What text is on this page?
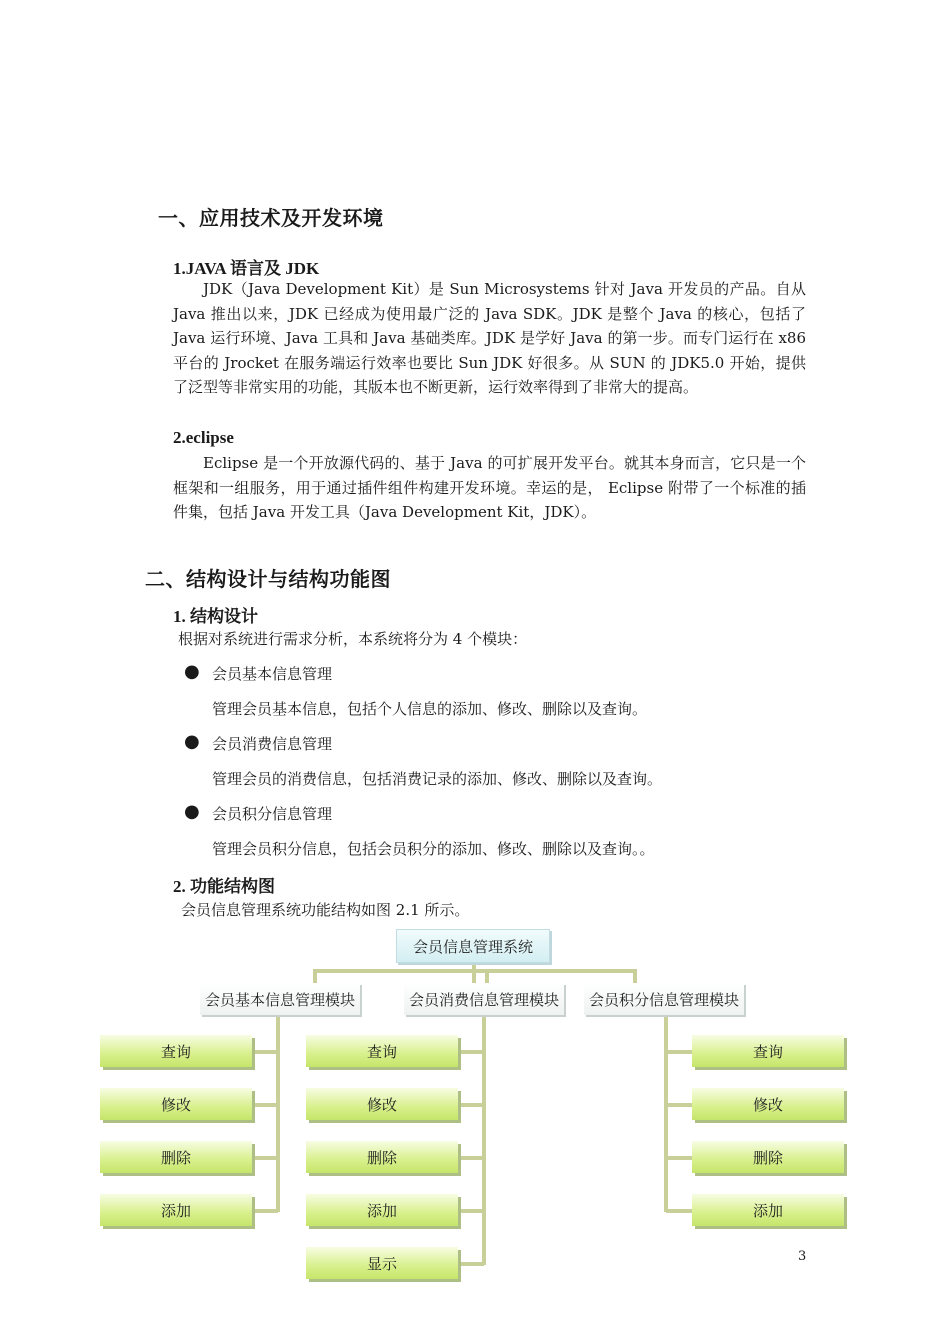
一、应用技术及开发环境
1.JAVA 语言及 JDK

JDK（Java Development Kit）是 Sun Microsystems 针对 Java 开发员的产品。自从 Java 推出以来，JDK 已经成为使用最广泛的 Java SDK。JDK 是整个 Java 的核心，包括了 Java 运行环境、Java 工具和 Java 基础类库。JDK 是学好 Java 的第一步。而专门运行在 x86 平台的 Jrocket 在服务端运行效率也要比 Sun JDK 好很多。从 SUN 的 JDK5.0 开始，提供了泛型等非常实用的功能，其版本也不断更新，运行效率得到了非常大的提高。

2.eclipse

Eclipse 是一个开放源代码的、基于 Java 的可扩展开发平台。就其本身而言，它只是一个框架和一组服务，用于通过插件组件构建开发环境。幸运的是， Eclipse 附带了一个标准的插件集，包括 Java 开发工具（Java Development Kit，JDK）。

二、结构设计与结构功能图
1. 结构设计
根据对系统进行需求分析，本系统将分为 4 个模块：
● 会员基本信息管理
管理会员基本信息，包括个人信息的添加、修改、删除以及查询。
● 会员消费信息管理
管理会员的消费信息，包括消费记录的添加、修改、删除以及查询。
● 会员积分信息管理
管理会员积分信息，包括会员积分的添加、修改、删除以及查询。。
2. 功能结构图
会员信息管理系统功能结构如图 2.1 所示。
会员信息管理系统
会员基本信息管理模块	会员消费信息管理模块	会员积分信息管理模块
查询
修改
删除
添加
查询
修改
删除
添加
显示
查询
修改
删除
添加
3
